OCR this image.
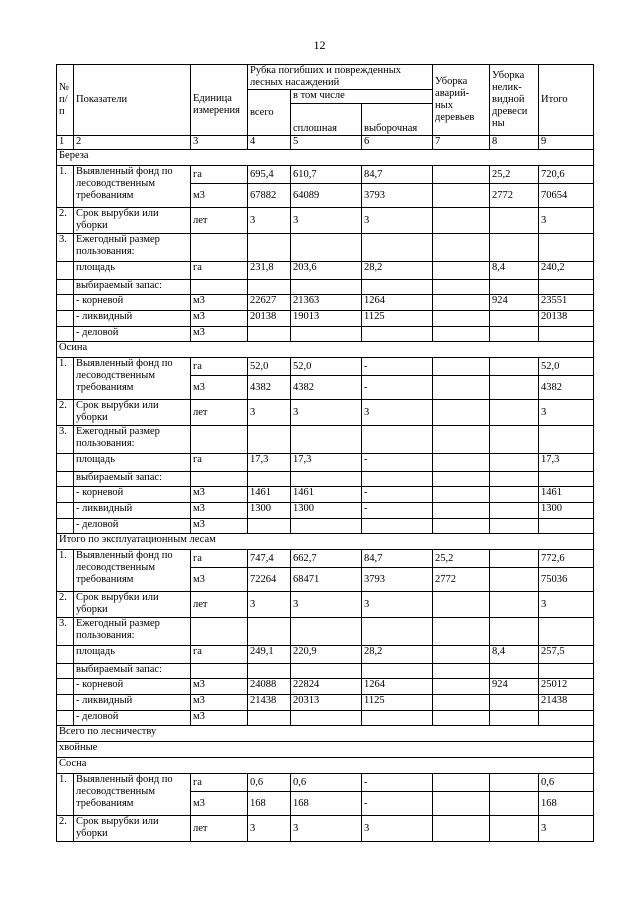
12
№
п/
п	Показатели	Единица измерения	Рубка погибших и поврежденных лесных насаждений			Уборка аварий-ных деревьев	Уборка нелик-видной древеси ны	Итого
			всего	в том числе				
				сплошная	выборочная			
1	2	3	4	5	6	7	8	9
Береза								
1.	Выявленный фонд по лесоводственным требованиям	га	695,4	610,7	84,7		25,2	720,6
		м3	67882	64089	3793		2772	70654
2.	Срок вырубки или уборки	лет	3	3	3			3
3.	Ежегодный размер пользования:							
	площадь	га	231,8	203,6	28,2		8,4	240,2
	выбираемый запас:							
	- корневой	м3	22627	21363	1264		924	23551
	- ликвидный	м3	20138	19013	1125			20138
	- деловой	м3						
Осина								
1.	Выявленный фонд по лесоводственным требованиям	га	52,0	52,0	-			52,0
		м3	4382	4382	-			4382
2.	Срок вырубки или уборки	лет	3	3	3			3
3.	Ежегодный размер пользования:							
	площадь	га	17,3	17,3	-			17,3
	выбираемый запас:							
	- корневой	м3	1461	1461	-			1461
	- ликвидный	м3	1300	1300	-			1300
	- деловой	м3						
Итого по эксплуатационным лесам								
1.	Выявленный фонд по лесоводственным требованиям	га	747,4	662,7	84,7	25,2		772,6
		м3	72264	68471	3793	2772		75036
2.	Срок вырубки или уборки	лет	3	3	3			3
3.	Ежегодный размер пользования:							
	площадь	га	249,1	220,9	28,2		8,4	257,5
	выбираемый запас:							
	- корневой	м3	24088	22824	1264		924	25012
	- ликвидный	м3	21438	20313	1125			21438
	- деловой	м3						
Всего по лесничеству								
хвойные								
Сосна								
1.	Выявленный фонд по лесоводственным требованиям	га	0,6	0,6	-			0,6
		м3	168	168	-			168
2.	Срок вырубки или уборки	лет	3	3	3			3
